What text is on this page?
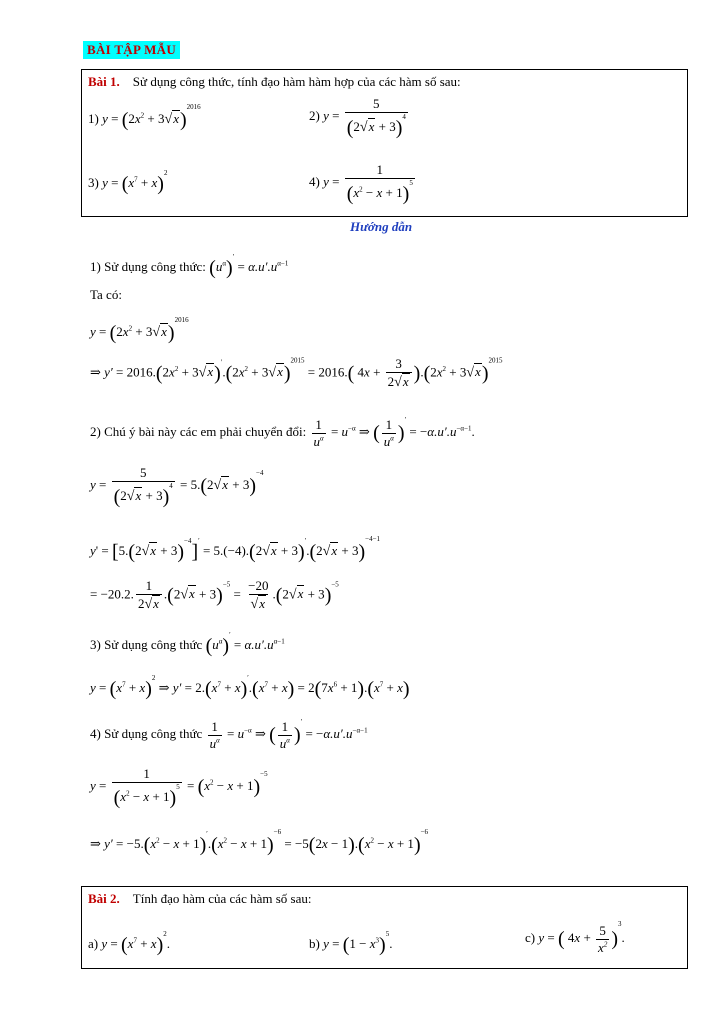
BÀI TẬP MẪU
Bài 1. Sử dụng công thức, tính đạo hàm hàm hợp của các hàm số sau:
1) $y = (2x^2 + 3√x)^{2016}$
2) $y = \frac{5}{(2√x + 3)^4}$
3) $y = (x^7 + x)^2$
4) $y = \frac{1}{(x^2 - x + 1)^5}$
Hướng dẫn
1) Sử dụng công thức: $(u^\alpha)' = \alpha.u'.u^{\alpha-1}$
Ta có:
$y = (2x^2 + 3√x)^{2016}$
⇒ $y' = 2016.(2x^2 + 3√x)'.(2x^2 + 3√x)^{2015} = 2016$.( $4x + \frac{3}{2√x} ).(2x^2 + 3√x)^{2015}$
2) Chú ý bài này các em phải chuyển đổi: $\frac{1}{u^\alpha} = u^{-\alpha}$ ⇒ ( $\frac{1}{u^\alpha} )' = -\alpha.u'.u^{-\alpha-1}$.
$y = \frac{5}{(2√x + 3)^4} = 5.(2√x + 3)^{-4}$
$y' = [5.(2√x + 3)^{-4}]' = 5.(-4).(2√x + 3)'.(2√x + 3)^{-4-1}$
= −20.2. $\frac{1}{2√x} .(2√x + 3)^{-5} = \frac{-20}{√x} .(2√x + 3)^{-5}$
3) Sử dụng công thức $(u^\alpha)' = \alpha.u'.u^{\alpha-1}$
$y = (x^7 + x)^2$ ⇒ $y' = 2.(x^7 + x)'.(x^7 + x) = 2(7x^6 + 1).(x^7 + x)$
4) Sử dụng công thức $\frac{1}{u^\alpha} = u^{-\alpha}$ ⇒ ( $\frac{1}{u^\alpha} )' = -\alpha.u'.u^{-\alpha-1}$
$y = \frac{1}{(x^2 - x + 1)^5} = (x^2 - x + 1)^{-5}$
⇒ $y' = -5.(x^2 - x + 1)'.(x^2 - x + 1)^{-6} = -5(2x - 1).(x^2 - x + 1)^{-6}$
Bài 2. Tính đạo hàm của các hàm số sau:
a) $y = (x^7 + x)^2$.	b) $y = (1 - x^3)^5$.	c) y = ( $4x + \frac{5}{x^2} )^3$.
